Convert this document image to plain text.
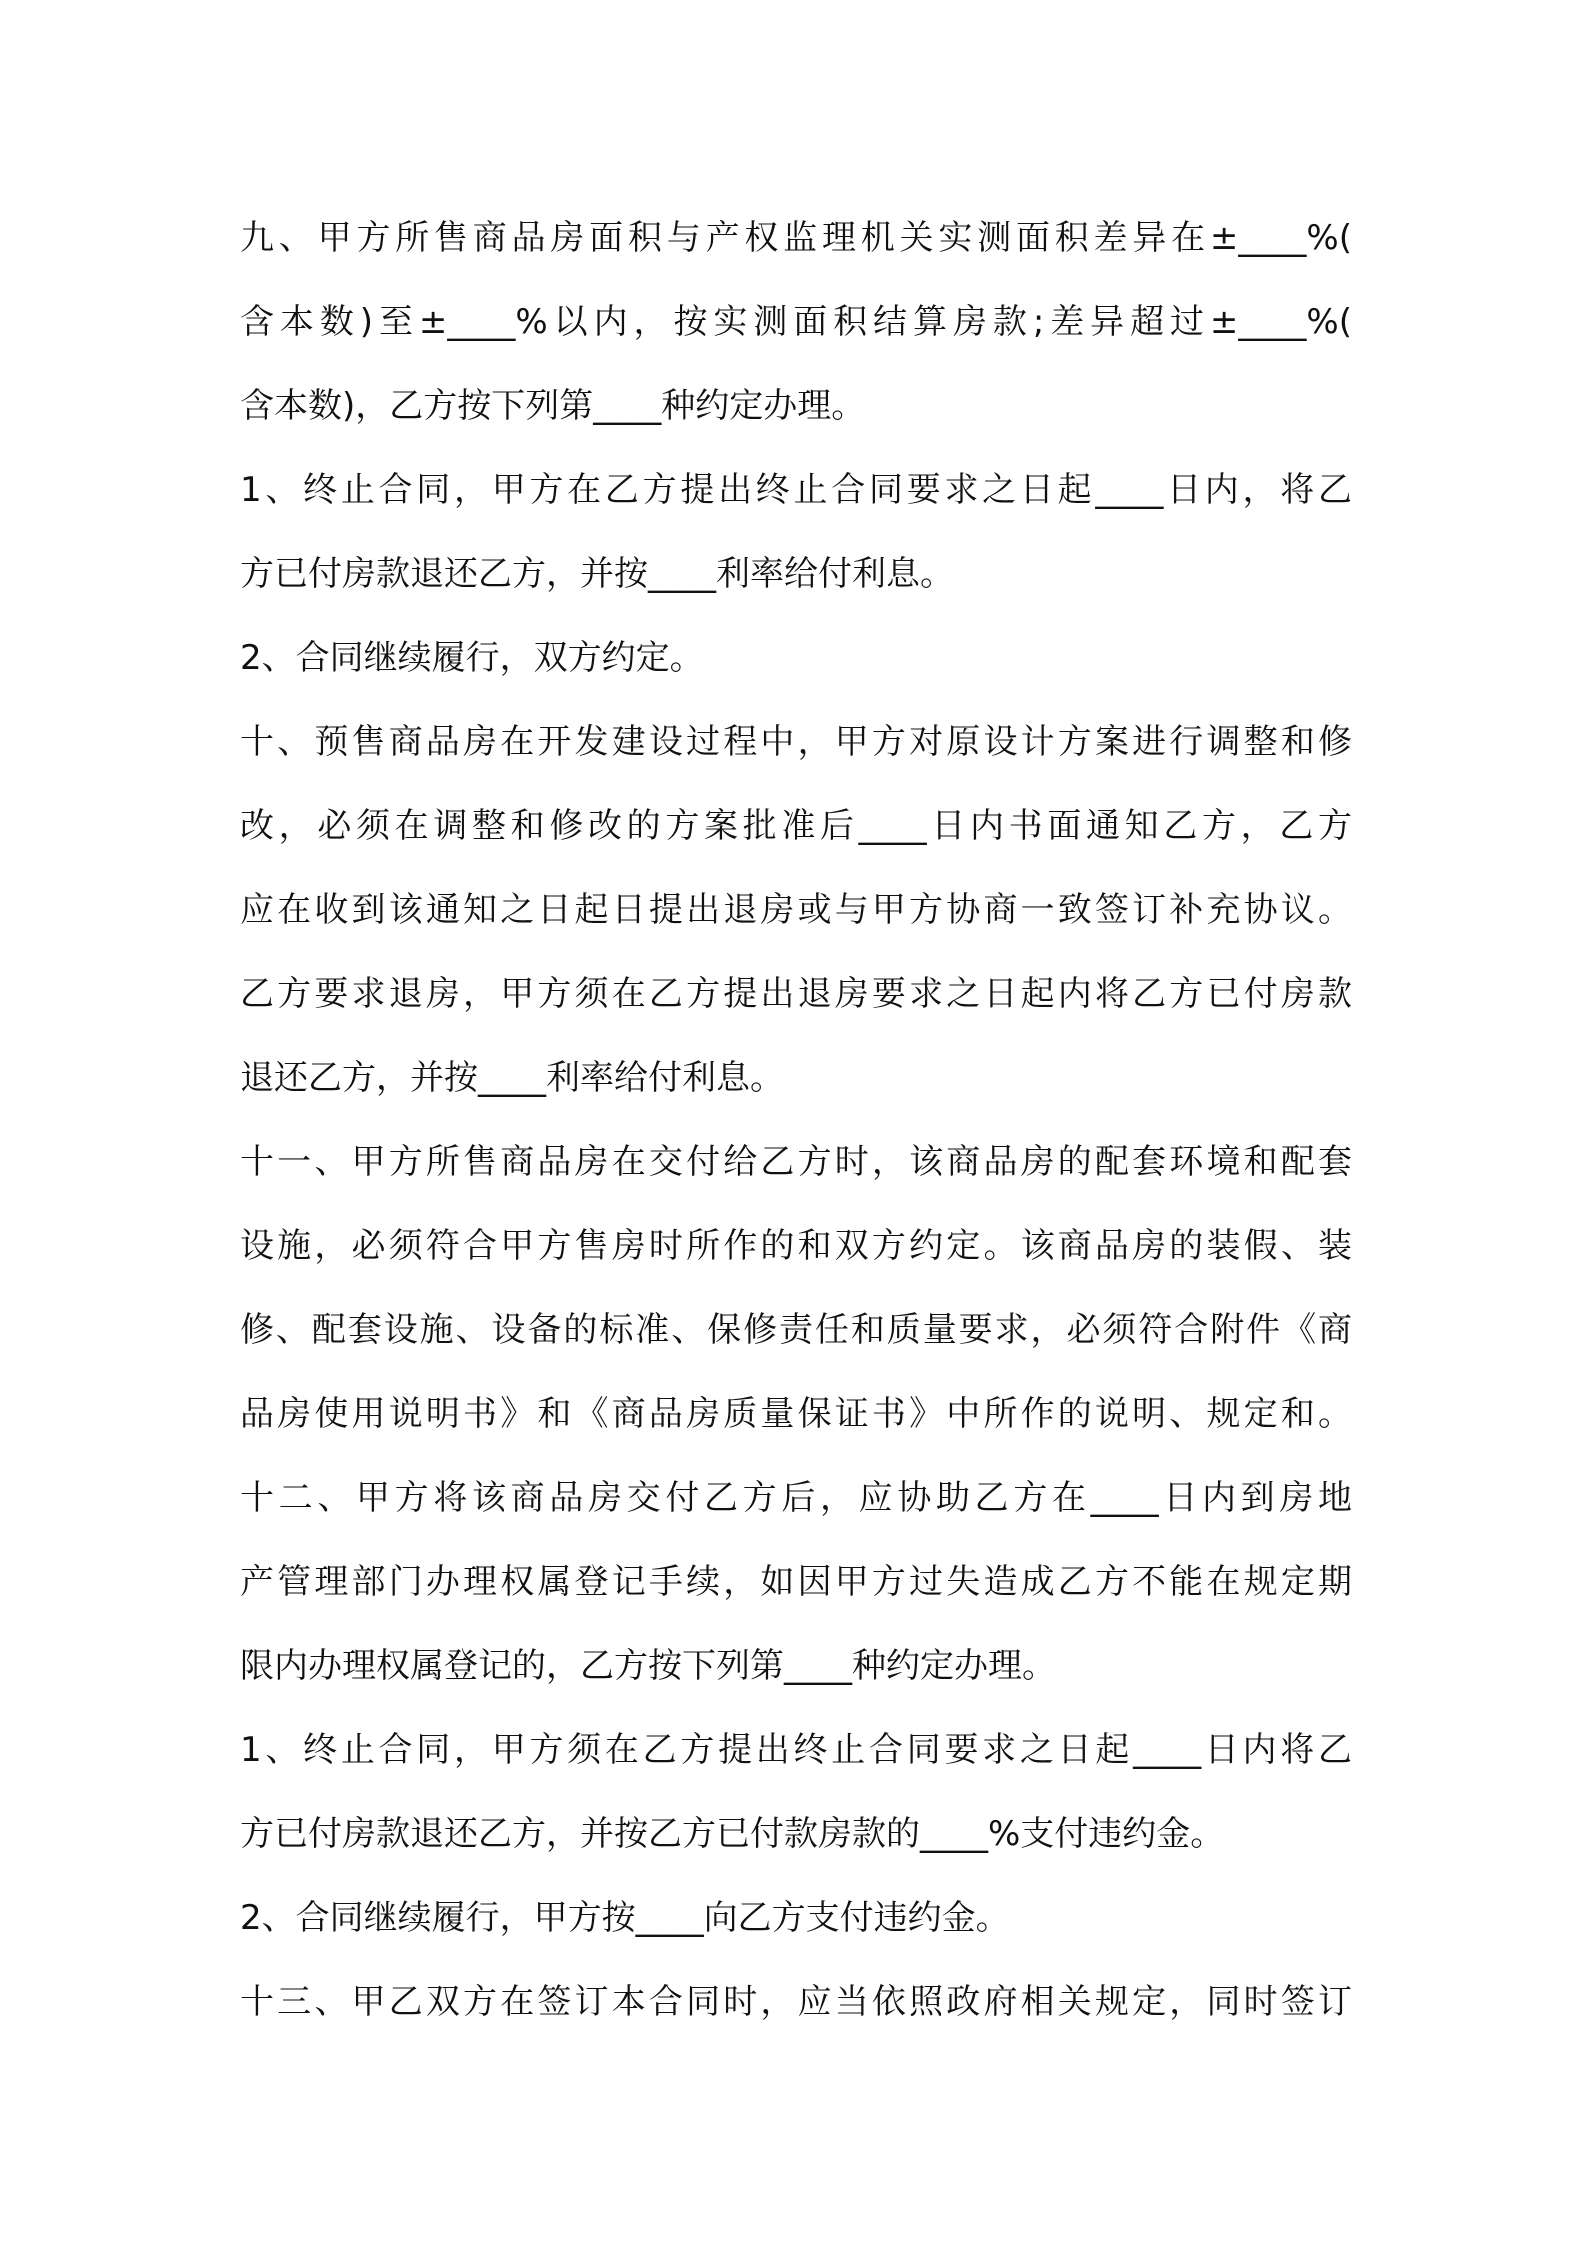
九、甲方所售商品房面积与产权监理机关实测面积差异在±____%(
含本数)至±____%以内，按实测面积结算房款;差异超过±____%(
含本数)，乙方按下列第____种约定办理。
1、终止合同，甲方在乙方提出终止合同要求之日起____日内，将乙
方已付房款退还乙方，并按____利率给付利息。
2、合同继续履行，双方约定。
十、预售商品房在开发建设过程中，甲方对原设计方案进行调整和修
改，必须在调整和修改的方案批准后____日内书面通知乙方，乙方
应在收到该通知之日起日提出退房或与甲方协商一致签订补充协议。
乙方要求退房，甲方须在乙方提出退房要求之日起内将乙方已付房款
退还乙方，并按____利率给付利息。
十一、甲方所售商品房在交付给乙方时，该商品房的配套环境和配套
设施，必须符合甲方售房时所作的和双方约定。该商品房的装假、装
修、配套设施、设备的标准、保修责任和质量要求，必须符合附件《商
品房使用说明书》和《商品房质量保证书》中所作的说明、规定和。
十二、甲方将该商品房交付乙方后，应协助乙方在____日内到房地
产管理部门办理权属登记手续，如因甲方过失造成乙方不能在规定期
限内办理权属登记的，乙方按下列第____种约定办理。
1、终止合同，甲方须在乙方提出终止合同要求之日起____日内将乙
方已付房款退还乙方，并按乙方已付款房款的____%支付违约金。
2、合同继续履行，甲方按____向乙方支付违约金。
十三、甲乙双方在签订本合同时，应当依照政府相关规定，同时签订
